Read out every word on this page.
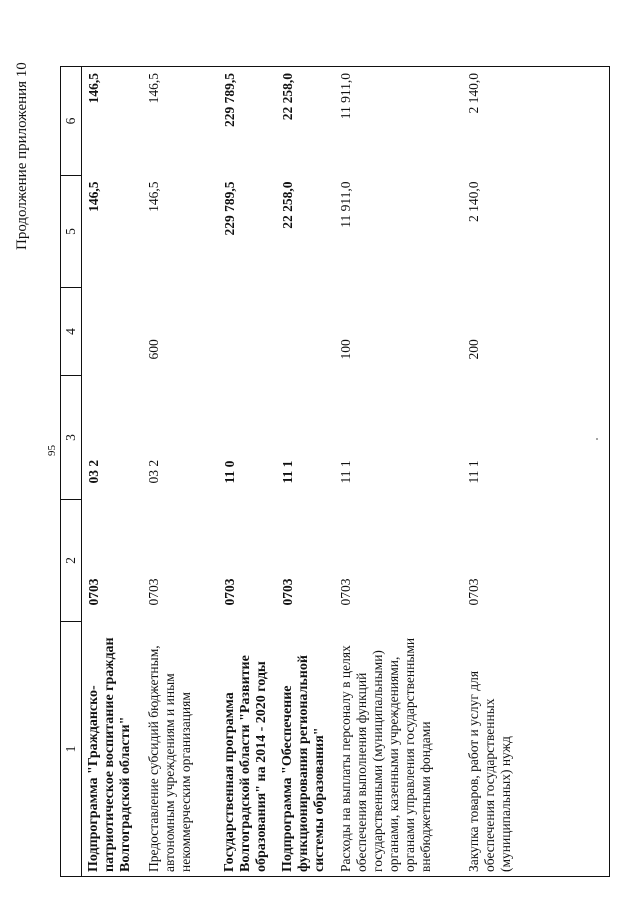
95
Продолжение приложения 10
1	2	3	4	5	6
Подпрограмма "Гражданско-патриотическое воспитание граждан Волгоградской области"	0703	03 2		146,5	146,5
Предоставление субсидий бюджетным, автономным учреждениям и иным некоммерческим организациям	0703	03 2	600	146,5	146,5
Государственная программа Волгоградской области "Развитие образования" на 2014 - 2020 годы	0703	11 0		229 789,5	229 789,5
Подпрограмма "Обеспечение функционирования региональной системы образования"	0703	11 1		22 258,0	22 258,0
Расходы на выплаты персоналу в целях обеспечения выполнения функций государственными (муниципальными) органами, казенными учреждениями, органами управления государственными внебюджетными фондами	0703	11 1	100	11 911,0	11 911,0
Закупка товаров, работ и услуг для обеспечения государственных (муниципальных) нужд	0703	11 1	200	2 140,0	2 140,0
